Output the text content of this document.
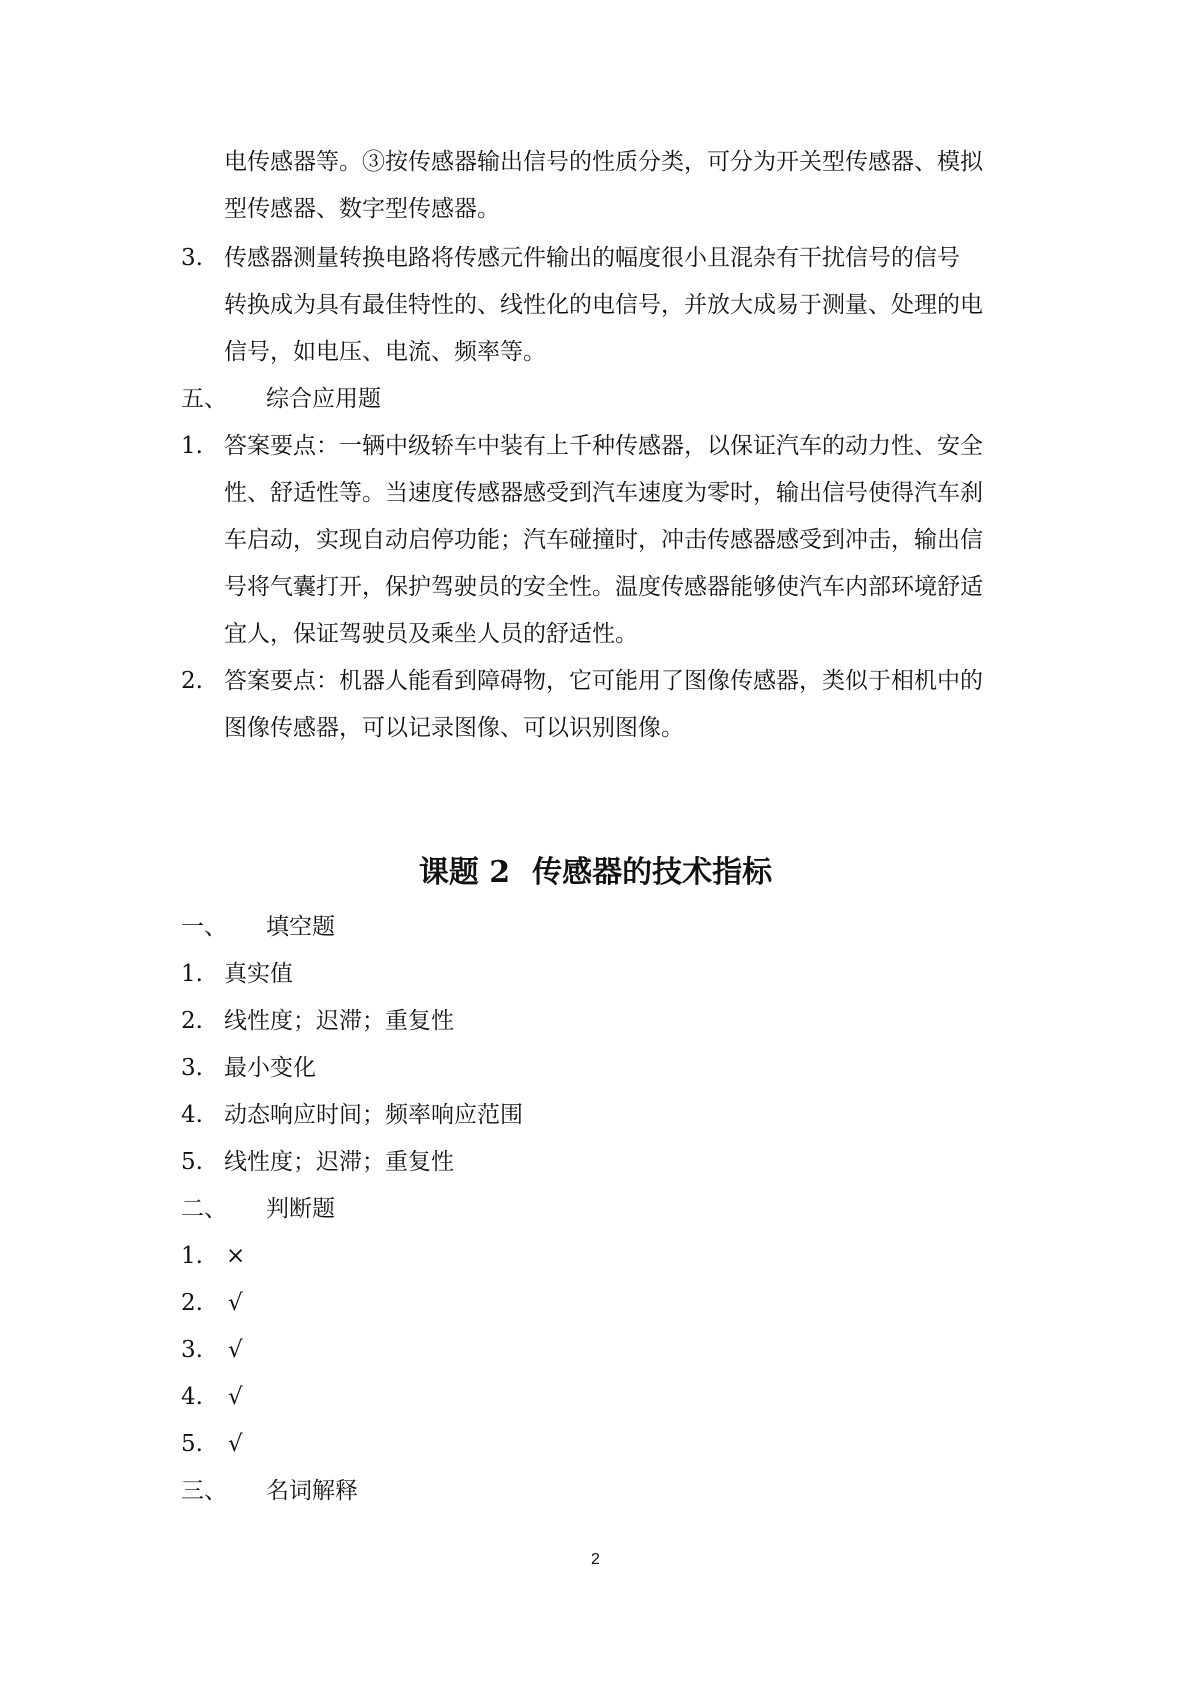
电传感器等。③按传感器输出信号的性质分类，可分为开关型传感器、模拟
型传感器、数字型传感器。
3. 传感器测量转换电路将传感元件输出的幅度很小且混杂有干扰信号的信号
转换成为具有最佳特性的、线性化的电信号，并放大成易于测量、处理的电
信号，如电压、电流、频率等。
五、 综合应用题
1. 答案要点：一辆中级轿车中装有上千种传感器，以保证汽车的动力性、安全
性、舒适性等。当速度传感器感受到汽车速度为零时，输出信号使得汽车刹
车启动，实现自动启停功能；汽车碰撞时，冲击传感器感受到冲击，输出信
号将气囊打开，保护驾驶员的安全性。温度传感器能够使汽车内部环境舒适
宜人，保证驾驶员及乘坐人员的舒适性。
2. 答案要点：机器人能看到障碍物，它可能用了图像传感器，类似于相机中的
图像传感器，可以记录图像、可以识别图像。
课题 2 传感器的技术指标
一、 填空题
1. 真实值
2. 线性度；迟滞；重复性
3. 最小变化
4. 动态响应时间；频率响应范围
5. 线性度；迟滞；重复性
二、 判断题
1. ×
2. √
3. √
4. √
5. √
三、 名词解释
2
